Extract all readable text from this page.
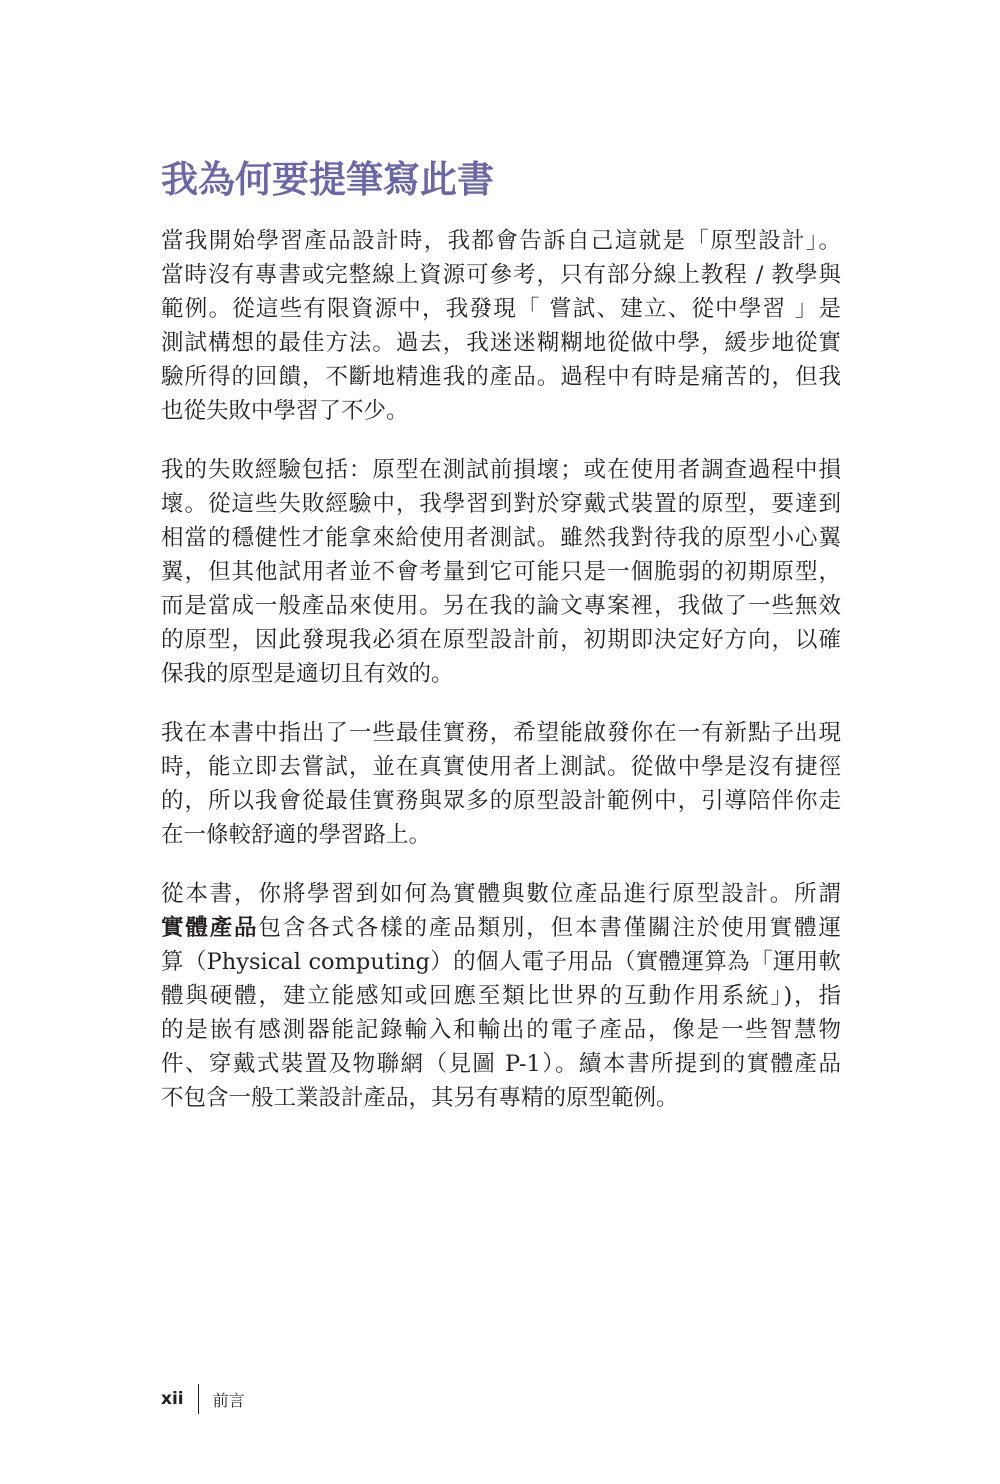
我為何要提筆寫此書

當我開始學習產品設計時，我都會告訴自己這就是「原型設計」。
當時沒有專書或完整線上資源可參考，只有部分線上教程 / 教學與
範例。從這些有限資源中，我發現「 嘗試、建立、從中學習 」是
測試構想的最佳方法。過去，我迷迷糊糊地從做中學，緩步地從實
驗所得的回饋，不斷地精進我的產品。過程中有時是痛苦的，但我
也從失敗中學習了不少。

我的失敗經驗包括：原型在測試前損壞；或在使用者調查過程中損
壞。從這些失敗經驗中，我學習到對於穿戴式裝置的原型，要達到
相當的穩健性才能拿來給使用者測試。雖然我對待我的原型小心翼
翼，但其他試用者並不會考量到它可能只是一個脆弱的初期原型，
而是當成一般產品來使用。另在我的論文專案裡，我做了一些無效
的原型，因此發現我必須在原型設計前，初期即決定好方向，以確
保我的原型是適切且有效的。

我在本書中指出了一些最佳實務，希望能啟發你在一有新點子出現
時，能立即去嘗試，並在真實使用者上測試。從做中學是沒有捷徑
的，所以我會從最佳實務與眾多的原型設計範例中，引導陪伴你走
在一條較舒適的學習路上。

從本書，你將學習到如何為實體與數位產品進行原型設計。所謂
實體產品包含各式各樣的產品類別，但本書僅關注於使用實體運
算（Physical computing）的個人電子用品（實體運算為「運用軟
體與硬體，建立能感知或回應至類比世界的互動作用系統」)，指
的是嵌有感測器能記錄輸入和輸出的電子產品，像是一些智慧物
件、穿戴式裝置及物聯網（見圖 P-1）。續本書所提到的實體產品
不包含一般工業設計產品，其另有專精的原型範例。

xii 前言
